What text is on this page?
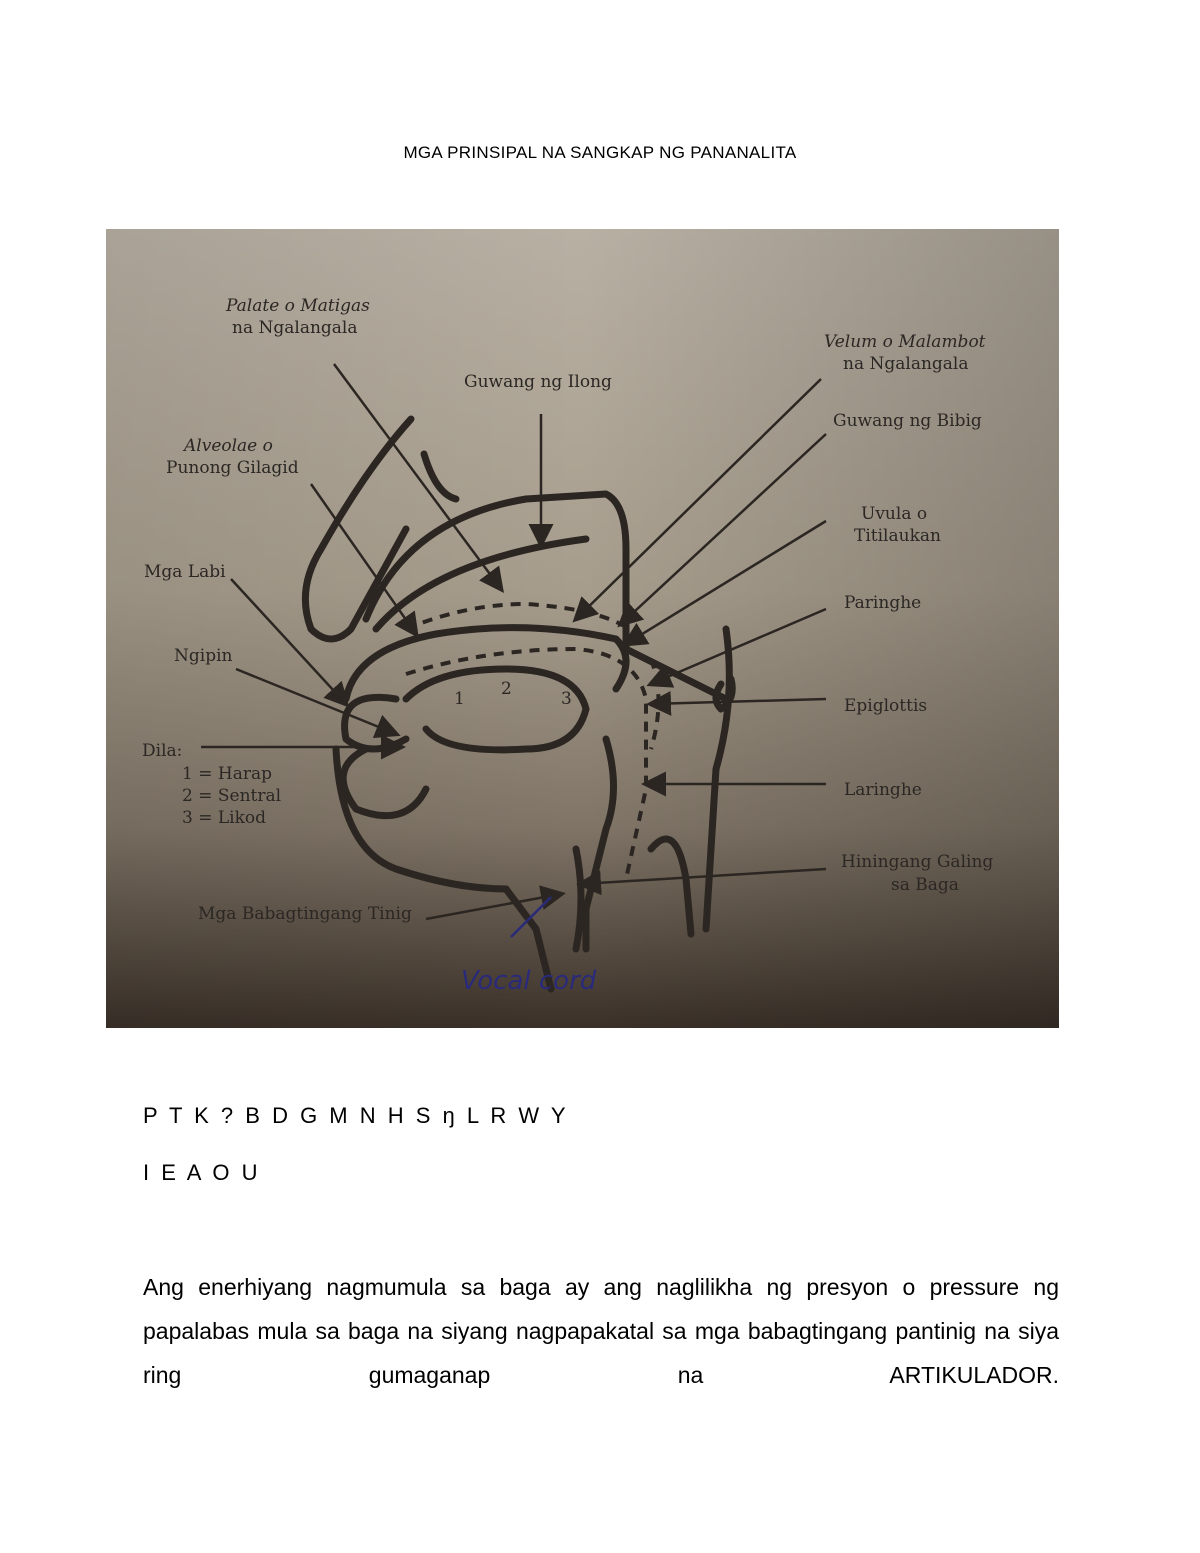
MGA PRINSIPAL NA SANGKAP NG PANANALITA
1 2	3
Palate o Matigas
na Ngalangala
Guwang ng Ilong
Velum o Malambot
na Ngalangala
Guwang ng Bibig
Alveolae o
Punong Gilagid
Uvula o
Titilaukan
Mga Labi
Paringhe
Ngipin
Epiglottis
Dila:
1 = Harap
2 = Sentral
3 = Likod
Laringhe
Hiningang Galing
sa Baga
Mga Babagtingang Tinig
Vocal cord
P T K ? B D G M N H S ŋ L R W Y
I E A O U
Ang enerhiyang nagmumula sa baga ay ang naglilikha ng presyon o pressure ng papalabas mula sa baga na siyang nagpapakatal sa mga babagtingang pantinig na siya ring gumaganap na ARTIKULADOR.
